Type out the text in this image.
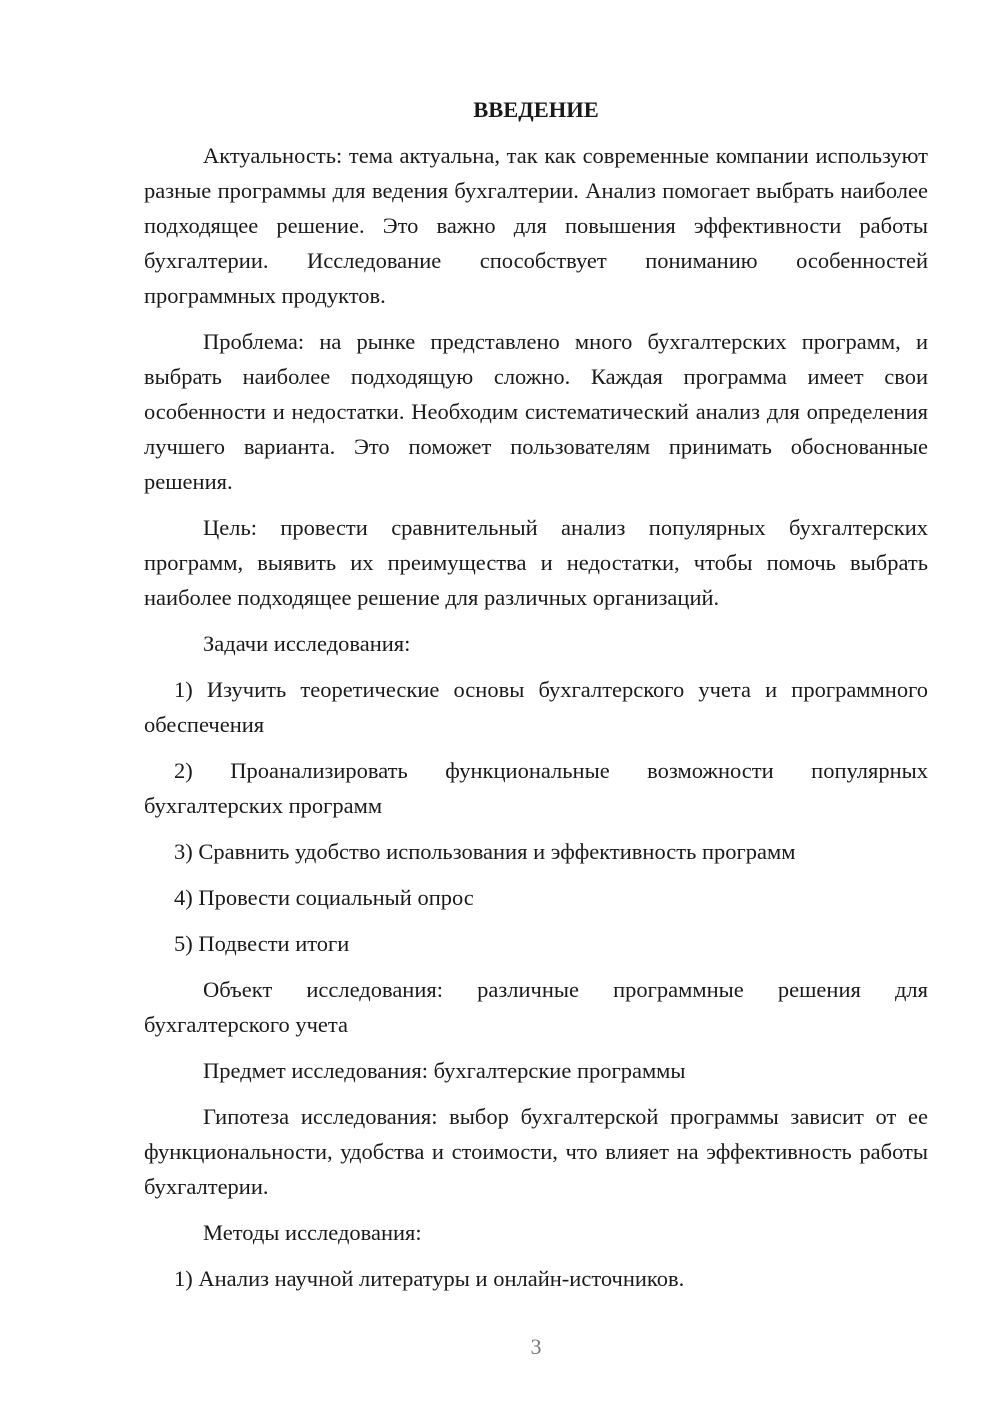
ВВЕДЕНИЕ

Актуальность: тема актуальна, так как современные компании используют разные программы для ведения бухгалтерии. Анализ помогает выбрать наиболее подходящее решение. Это важно для повышения эффективности работы бухгалтерии. Исследование способствует пониманию особенностей программных продуктов.

Проблема: на рынке представлено много бухгалтерских программ, и выбрать наиболее подходящую сложно. Каждая программа имеет свои особенности и недостатки. Необходим систематический анализ для определения лучшего варианта. Это поможет пользователям принимать обоснованные решения.

Цель: провести сравнительный анализ популярных бухгалтерских программ, выявить их преимущества и недостатки, чтобы помочь выбрать наиболее подходящее решение для различных организаций.

Задачи исследования:

1) Изучить теоретические основы бухгалтерского учета и программного обеспечения

2) Проанализировать функциональные возможности популярных бухгалтерских программ

3) Сравнить удобство использования и эффективность программ

4) Провести социальный опрос

5) Подвести итоги

Объект исследования: различные программные решения для бухгалтерского учета

Предмет исследования: бухгалтерские программы

Гипотеза исследования: выбор бухгалтерской программы зависит от ее функциональности, удобства и стоимости, что влияет на эффективность работы бухгалтерии.

Методы исследования:

1) Анализ научной литературы и онлайн-источников.

3
